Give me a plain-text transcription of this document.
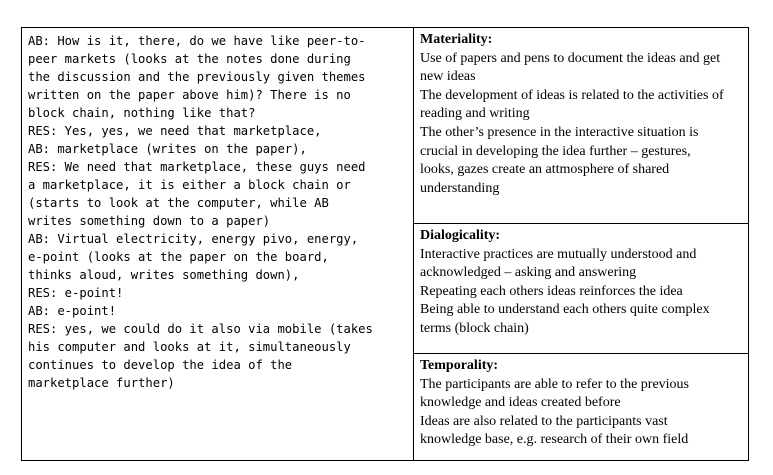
AB: How is it, there, do we have like peer-to-
peer markets (looks at the notes done during
the discussion and the previously given themes
written on the paper above him)? There is no
block chain, nothing like that?
RES: Yes, yes, we need that marketplace,
AB: marketplace (writes on the paper),
RES: We need that marketplace, these guys need
a marketplace, it is either a block chain or
(starts to look at the computer, while AB
writes something down to a paper)
AB: Virtual electricity, energy pivo, energy,
e-point (looks at the paper on the board,
thinks aloud, writes something down),
RES: e-point!
AB: e-point!
RES: yes, we could do it also via mobile (takes
his computer and looks at it, simultaneously
continues to develop the idea of the
marketplace further)
Materiality:
Use of papers and pens to document the ideas and get
new ideas
The development of ideas is related to the activities of
reading and writing
The other’s presence in the interactive situation is
crucial in developing the idea further – gestures,
looks, gazes create an attmosphere of shared
understanding
Dialogicality:
Interactive practices are mutually understood and
acknowledged – asking and answering
Repeating each others ideas reinforces the idea
Being able to understand each others quite complex
terms (block chain)
Temporality:
The participants are able to refer to the previous
knowledge and ideas created before
Ideas are also related to the participants vast
knowledge base, e.g. research of their own field
